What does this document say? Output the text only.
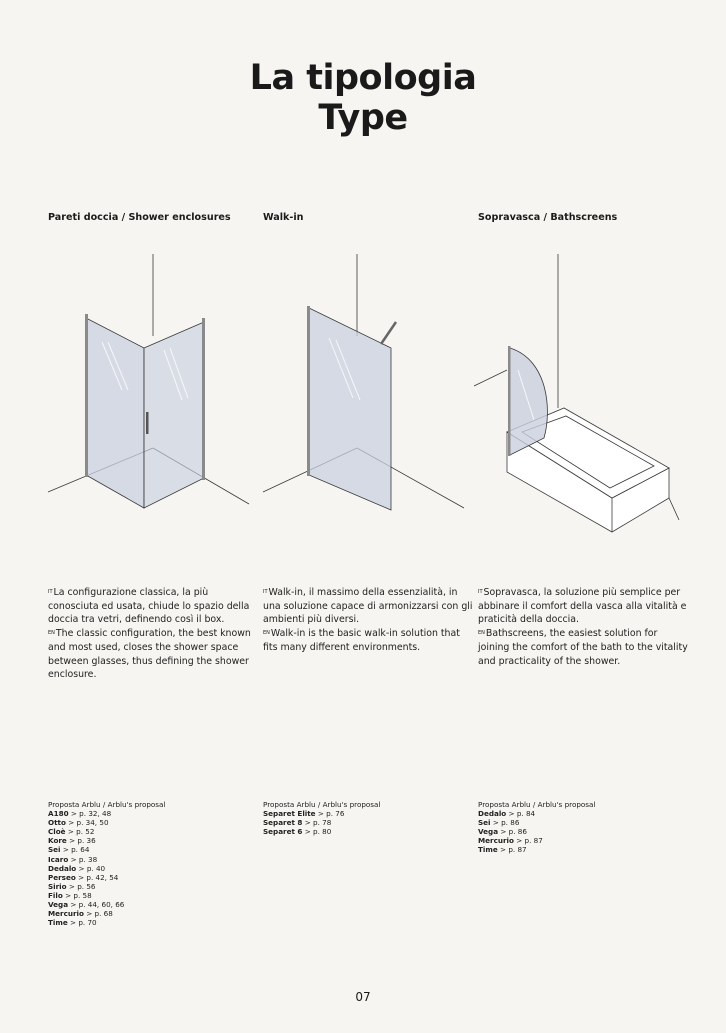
La tipologia
Type
Pareti doccia / Shower enclosures

$^{IT}$La configurazione classica, la più conosciuta ed usata, chiude lo spazio della doccia tra vetri, definendo così il box.
$^{EN}$The classic configuration, the best known and most used, closes the shower space between glasses, thus defining the shower enclosure.

Proposta Arblu / Arblu's proposal
A180 > p. 32, 48
Otto > p. 34, 50
Cloè > p. 52
Kore > p. 36
Sei > p. 64
Icaro > p. 38
Dedalo > p. 40
Perseo > p. 42, 54
Sirio > p. 56
Filo > p. 58
Vega > p. 44, 60, 66
Mercurio > p. 68
Time > p. 70
Walk-in

$^{IT}$Walk-in, il massimo della essenzialità, in una soluzione capace di armonizzarsi con gli ambienti più diversi.
$^{EN}$Walk-in is the basic walk-in solution that fits many different environments.

Proposta Arblu / Arblu's proposal
Separet Elite > p. 76
Separet 8 > p. 78
Separet 6 > p. 80
Sopravasca / Bathscreens

$^{IT}$Sopravasca, la soluzione più semplice per abbinare il comfort della vasca alla vitalità e praticità della doccia.
$^{EN}$Bathscreens, the easiest solution for joining the comfort of the bath to the vitality and practicality of the shower.

Proposta Arblu / Arblu's proposal
Dedalo > p. 84
Sei > p. 86
Vega > p. 86
Mercurio > p. 87
Time > p. 87
07
